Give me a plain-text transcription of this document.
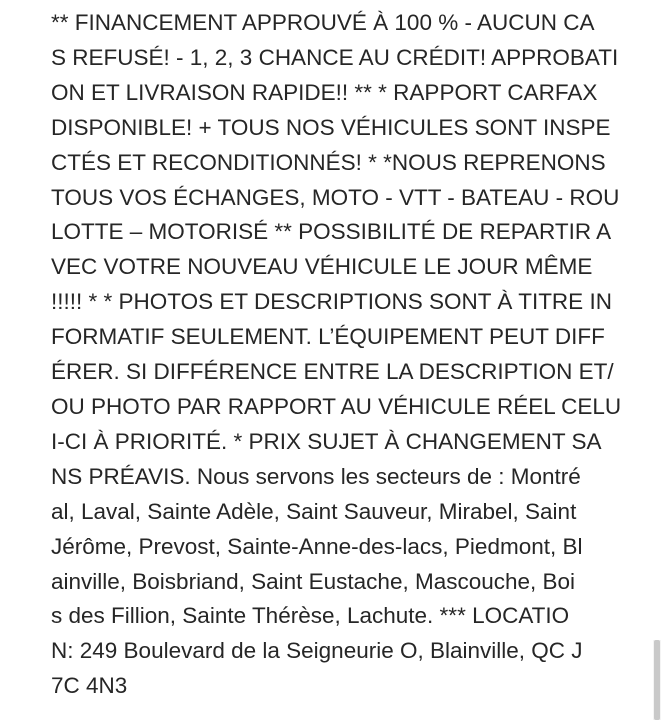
** FINANCEMENT APPROUVÉ À 100 % - AUCUN CA
S REFUSÉ! - 1, 2, 3 CHANCE AU CRÉDIT! APPROBATI
ON ET LIVRAISON RAPIDE!! ** * RAPPORT CARFAX
DISPONIBLE! + TOUS NOS VÉHICULES SONT INSPE
CTÉS ET RECONDITIONNÉS! * *NOUS REPRENONS
TOUS VOS ÉCHANGES, MOTO - VTT - BATEAU - ROU
LOTTE – MOTORISÉ ** POSSIBILITÉ DE REPARTIR A
VEC VOTRE NOUVEAU VÉHICULE LE JOUR MÊME
!!!!! * * PHOTOS ET DESCRIPTIONS SONT À TITRE IN
FORMATIF SEULEMENT. L’ÉQUIPEMENT PEUT DIFF
ÉRER. SI DIFFÉRENCE ENTRE LA DESCRIPTION ET/
OU PHOTO PAR RAPPORT AU VÉHICULE RÉEL CELU
I-CI À PRIORITÉ. * PRIX SUJET À CHANGEMENT SA
NS PRÉAVIS. Nous servons les secteurs de : Montré
al, Laval, Sainte Adèle, Saint Sauveur, Mirabel, Saint
Jérôme, Prevost, Sainte-Anne-des-lacs, Piedmont, Bl
ainville, Boisbriand, Saint Eustache, Mascouche, Boi
s des Fillion, Sainte Thérèse, Lachute. *** LOCATIO
N: 249 Boulevard de la Seigneurie O, Blainville, QC J
7C 4N3
